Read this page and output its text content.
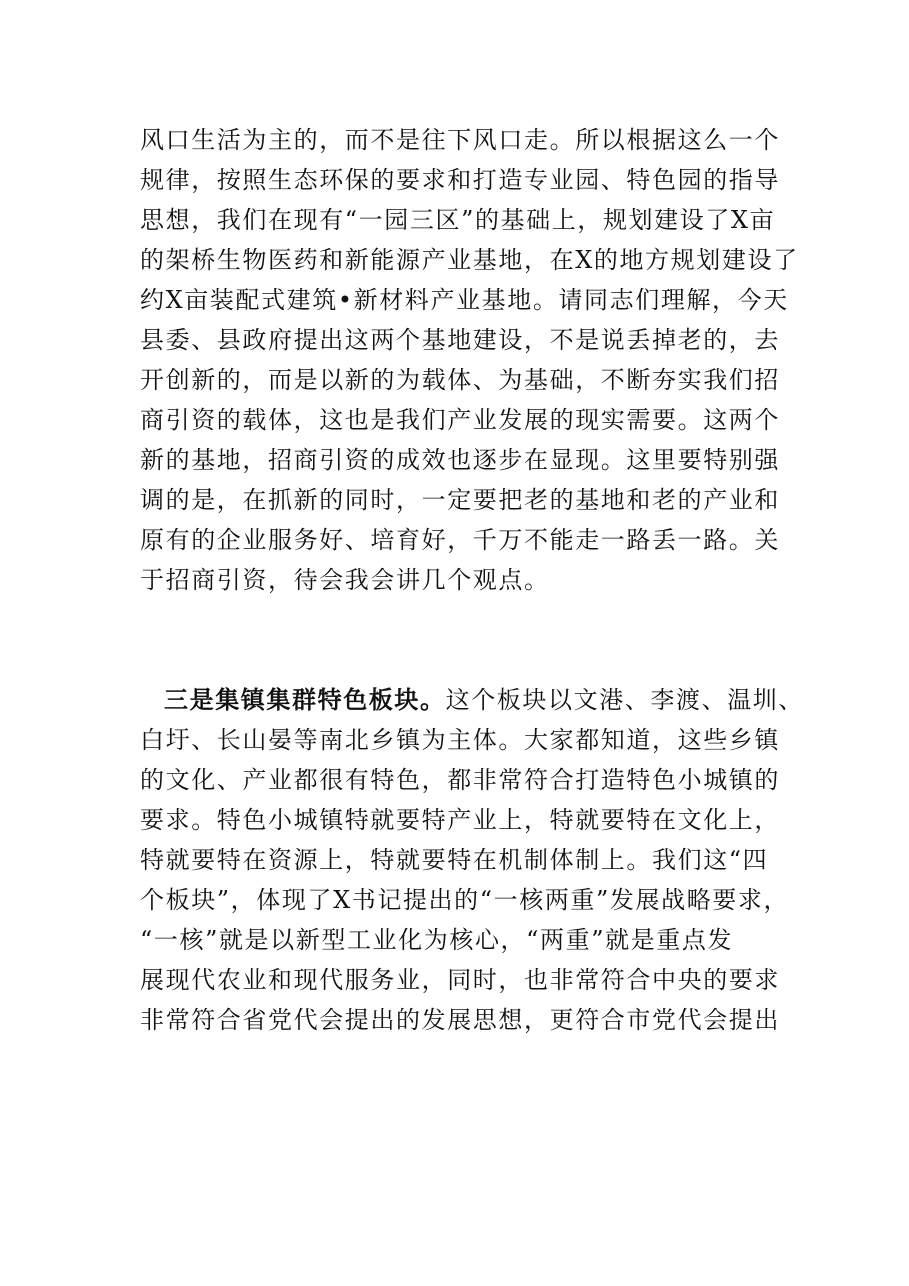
风口生活为主的，而不是往下风口走。所以根据这么一个
规律，按照生态环保的要求和打造专业园、特色园的指导
思想，我们在现有“一园三区”的基础上，规划建设了X亩
的架桥生物医药和新能源产业基地，在X的地方规划建设了
约X亩装配式建筑•新材料产业基地。请同志们理解，今天
县委、县政府提出这两个基地建设，不是说丢掉老的，去
开创新的，而是以新的为载体、为基础，不断夯实我们招
商引资的载体，这也是我们产业发展的现实需要。这两个
新的基地，招商引资的成效也逐步在显现。这里要特别强
调的是，在抓新的同时，一定要把老的基地和老的产业和
原有的企业服务好、培育好，千万不能走一路丢一路。关
于招商引资，待会我会讲几个观点。
三是集镇集群特色板块。这个板块以文港、李渡、温圳、
白圩、长山晏等南北乡镇为主体。大家都知道，这些乡镇
的文化、产业都很有特色，都非常符合打造特色小城镇的
要求。特色小城镇特就要特产业上，特就要特在文化上，
特就要特在资源上，特就要特在机制体制上。我们这“四
个板块”，体现了X书记提出的“一核两重”发展战略要求，
“一核”就是以新型工业化为核心，“两重”就是重点发
展现代农业和现代服务业，同时，也非常符合中央的要求
非常符合省党代会提出的发展思想，更符合市党代会提出
